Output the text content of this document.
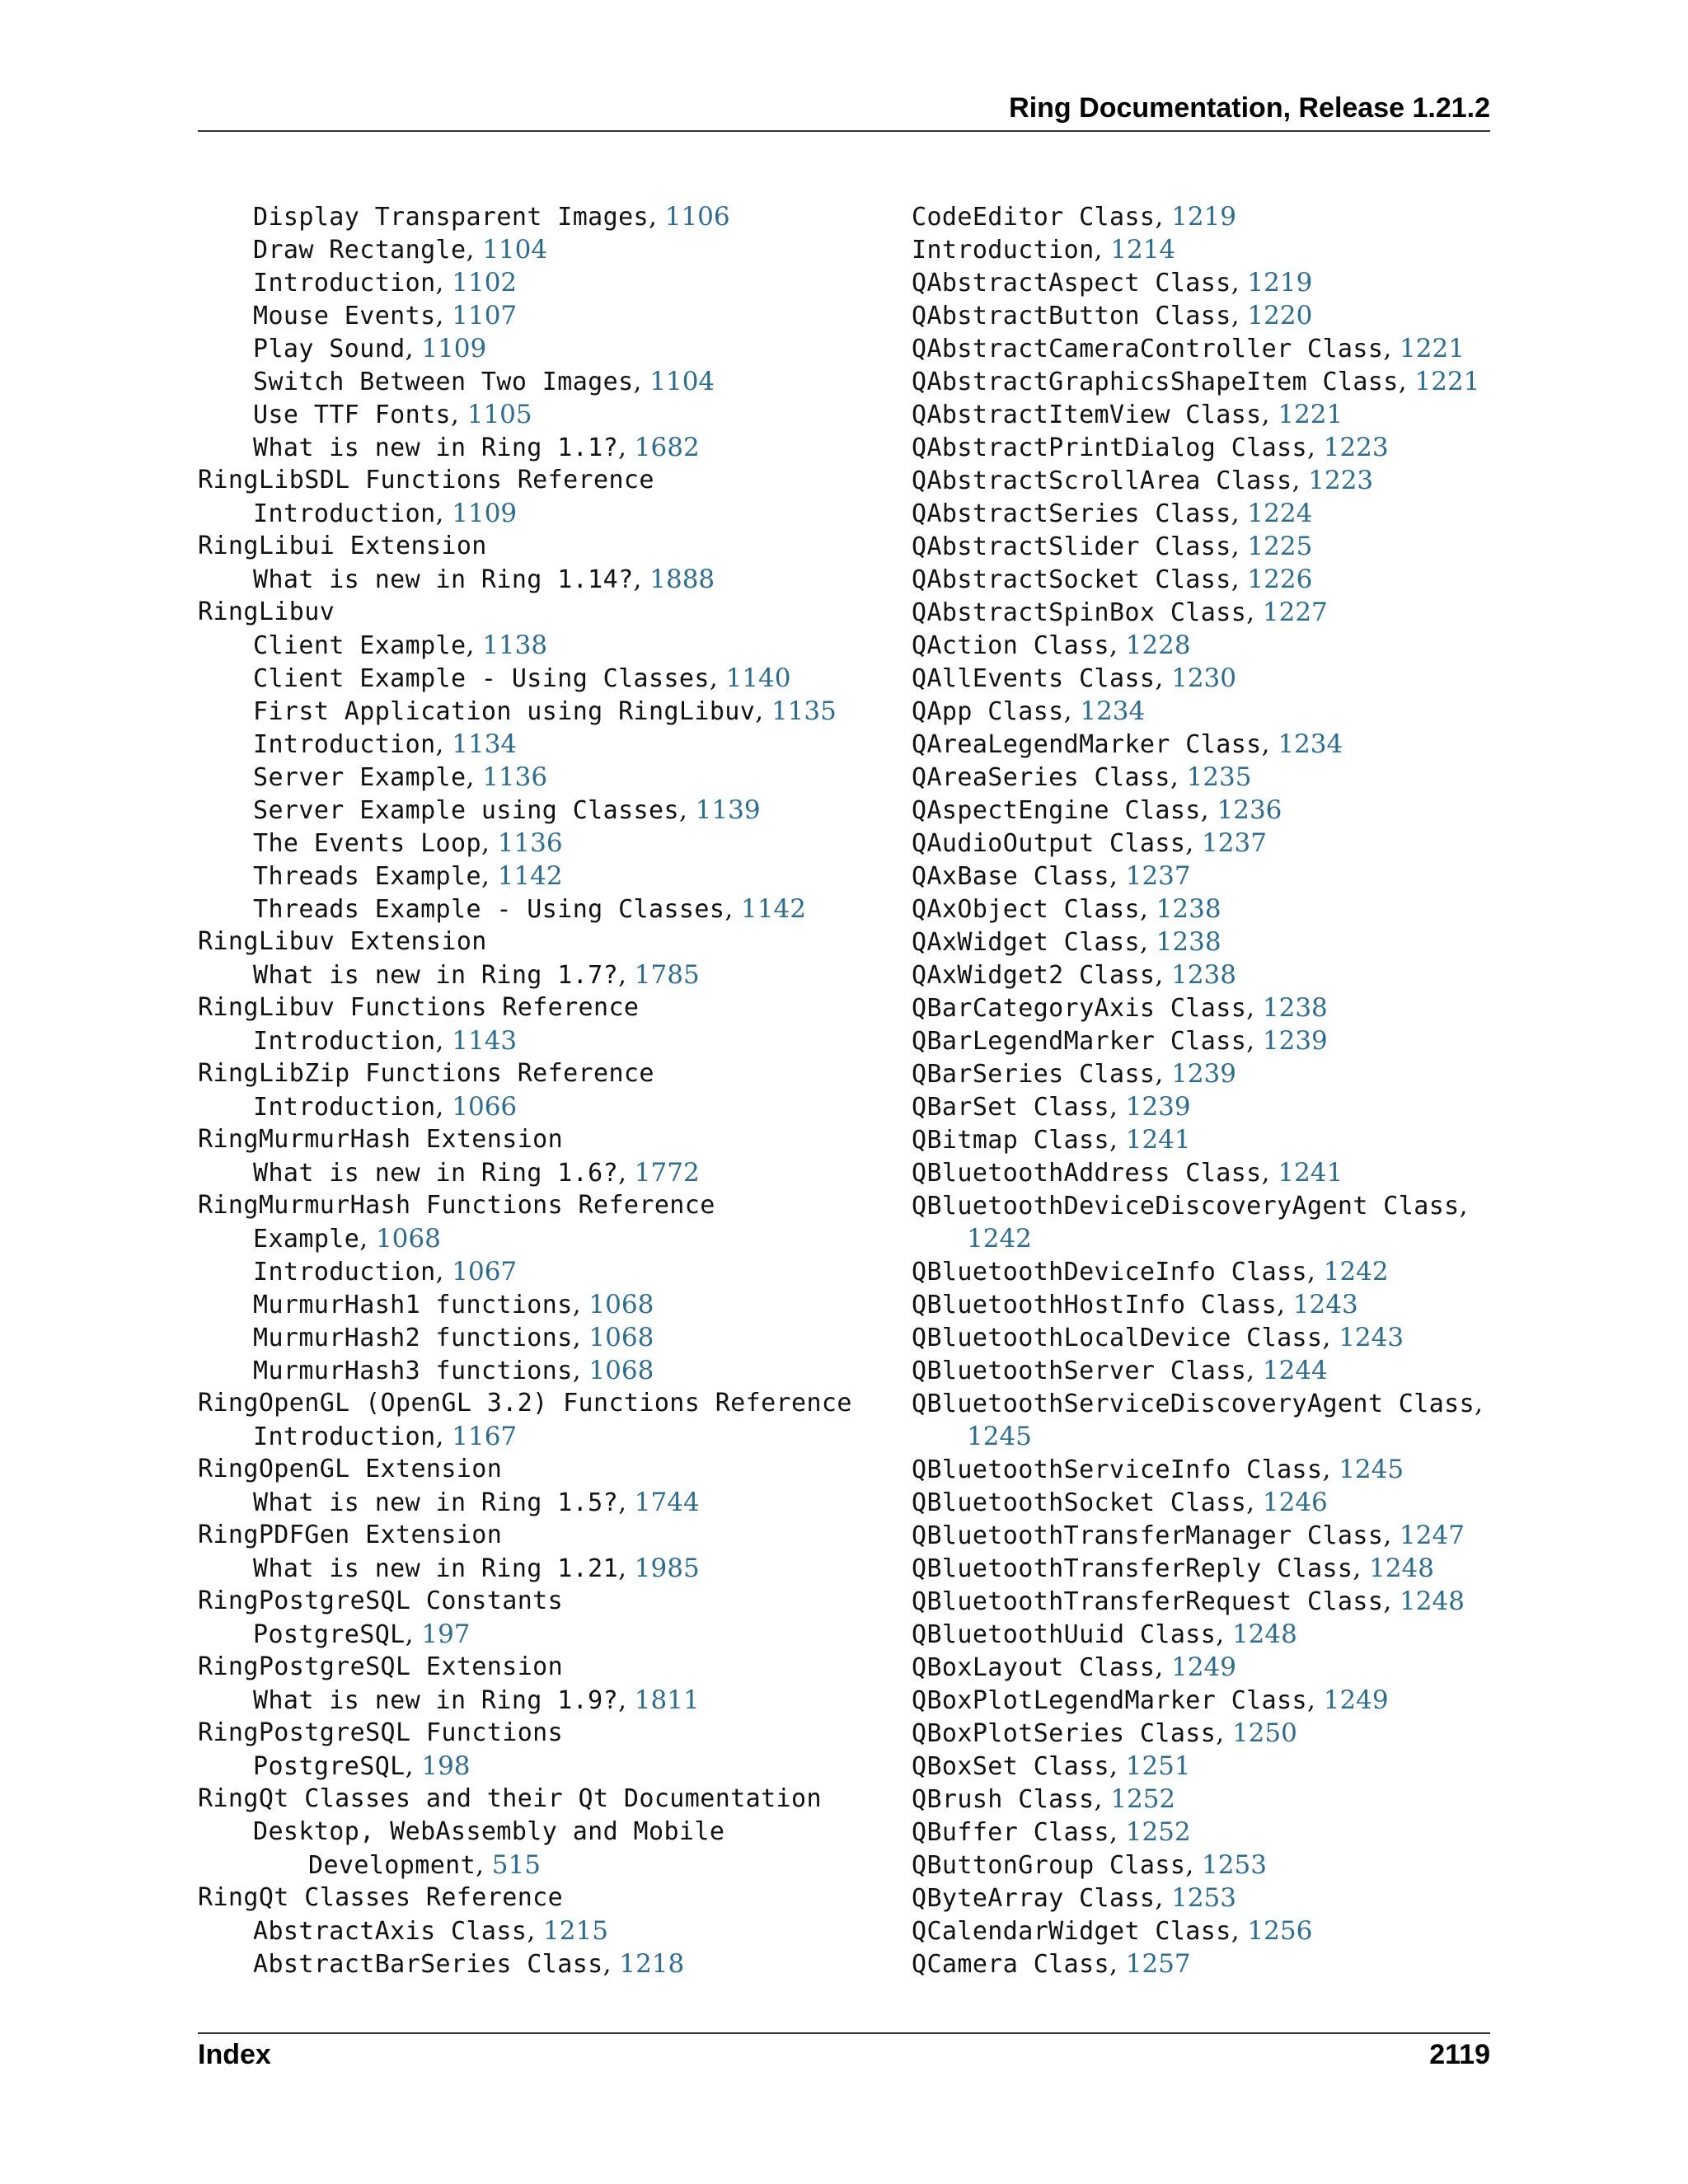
Ring Documentation, Release 1.21.2
Display Transparent Images, 1106
Draw Rectangle, 1104
Introduction, 1102
Mouse Events, 1107
Play Sound, 1109
Switch Between Two Images, 1104
Use TTF Fonts, 1105
What is new in Ring 1.1?, 1682
RingLibSDL Functions Reference
Introduction, 1109
RingLibui Extension
What is new in Ring 1.14?, 1888
RingLibuv
Client Example, 1138
Client Example - Using Classes, 1140
First Application using RingLibuv, 1135
Introduction, 1134
Server Example, 1136
Server Example using Classes, 1139
The Events Loop, 1136
Threads Example, 1142
Threads Example - Using Classes, 1142
RingLibuv Extension
What is new in Ring 1.7?, 1785
RingLibuv Functions Reference
Introduction, 1143
RingLibZip Functions Reference
Introduction, 1066
RingMurmurHash Extension
What is new in Ring 1.6?, 1772
RingMurmurHash Functions Reference
Example, 1068
Introduction, 1067
MurmurHash1 functions, 1068
MurmurHash2 functions, 1068
MurmurHash3 functions, 1068
RingOpenGL (OpenGL 3.2) Functions Reference
Introduction, 1167
RingOpenGL Extension
What is new in Ring 1.5?, 1744
RingPDFGen Extension
What is new in Ring 1.21, 1985
RingPostgreSQL Constants
PostgreSQL, 197
RingPostgreSQL Extension
What is new in Ring 1.9?, 1811
RingPostgreSQL Functions
PostgreSQL, 198
RingQt Classes and their Qt Documentation
Desktop, WebAssembly and Mobile
Development, 515
RingQt Classes Reference
AbstractAxis Class, 1215
AbstractBarSeries Class, 1218
CodeEditor Class, 1219
Introduction, 1214
QAbstractAspect Class, 1219
QAbstractButton Class, 1220
QAbstractCameraController Class, 1221
QAbstractGraphicsShapeItem Class, 1221
QAbstractItemView Class, 1221
QAbstractPrintDialog Class, 1223
QAbstractScrollArea Class, 1223
QAbstractSeries Class, 1224
QAbstractSlider Class, 1225
QAbstractSocket Class, 1226
QAbstractSpinBox Class, 1227
QAction Class, 1228
QAllEvents Class, 1230
QApp Class, 1234
QAreaLegendMarker Class, 1234
QAreaSeries Class, 1235
QAspectEngine Class, 1236
QAudioOutput Class, 1237
QAxBase Class, 1237
QAxObject Class, 1238
QAxWidget Class, 1238
QAxWidget2 Class, 1238
QBarCategoryAxis Class, 1238
QBarLegendMarker Class, 1239
QBarSeries Class, 1239
QBarSet Class, 1239
QBitmap Class, 1241
QBluetoothAddress Class, 1241
QBluetoothDeviceDiscoveryAgent Class,
1242
QBluetoothDeviceInfo Class, 1242
QBluetoothHostInfo Class, 1243
QBluetoothLocalDevice Class, 1243
QBluetoothServer Class, 1244
QBluetoothServiceDiscoveryAgent Class,
1245
QBluetoothServiceInfo Class, 1245
QBluetoothSocket Class, 1246
QBluetoothTransferManager Class, 1247
QBluetoothTransferReply Class, 1248
QBluetoothTransferRequest Class, 1248
QBluetoothUuid Class, 1248
QBoxLayout Class, 1249
QBoxPlotLegendMarker Class, 1249
QBoxPlotSeries Class, 1250
QBoxSet Class, 1251
QBrush Class, 1252
QBuffer Class, 1252
QButtonGroup Class, 1253
QByteArray Class, 1253
QCalendarWidget Class, 1256
QCamera Class, 1257
Index	2119
